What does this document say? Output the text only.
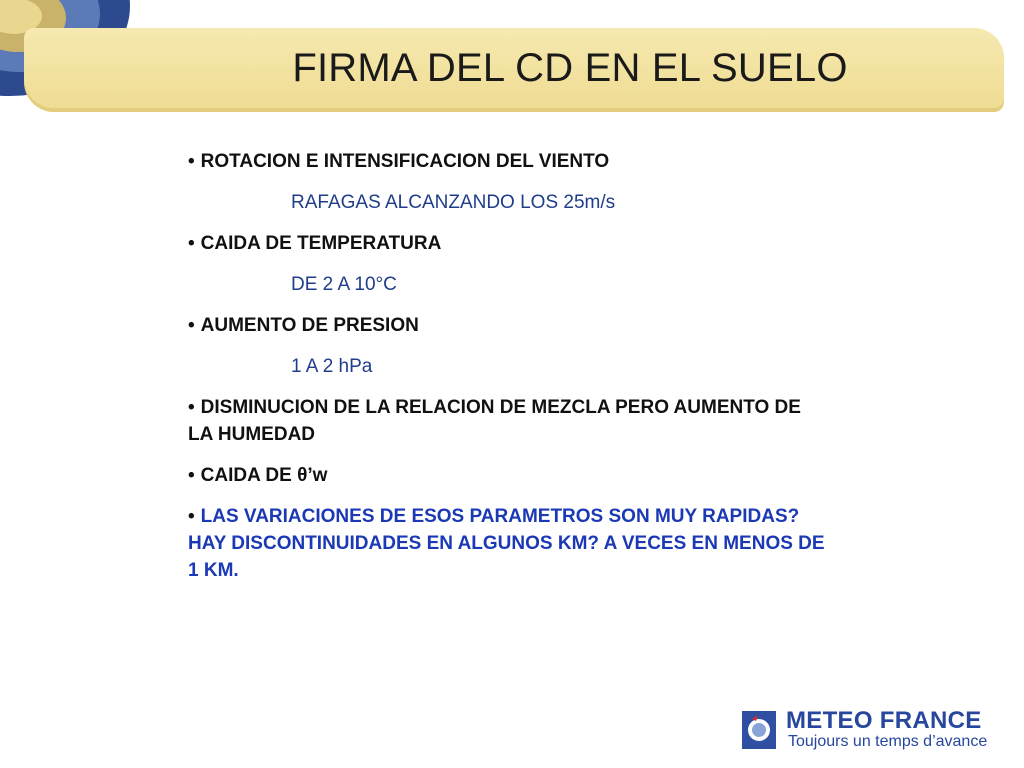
FIRMA DEL CD EN EL SUELO

• ROTACION E INTENSIFICACION DEL VIENTO

RAFAGAS ALCANZANDO LOS 25m/s

• CAIDA DE TEMPERATURA

DE 2 A 10°C

• AUMENTO DE PRESION

1 A 2 hPa

• DISMINUCION DE LA RELACION DE MEZCLA PERO AUMENTO DE LA HUMEDAD

• CAIDA DE θ’w

• LAS VARIACIONES DE ESOS PARAMETROS SON MUY RAPIDAS? HAY DISCONTINUIDADES EN ALGUNOS KM? A VECES EN MENOS DE 1 KM.

METEO FRANCE
Toujours un temps d’avance
